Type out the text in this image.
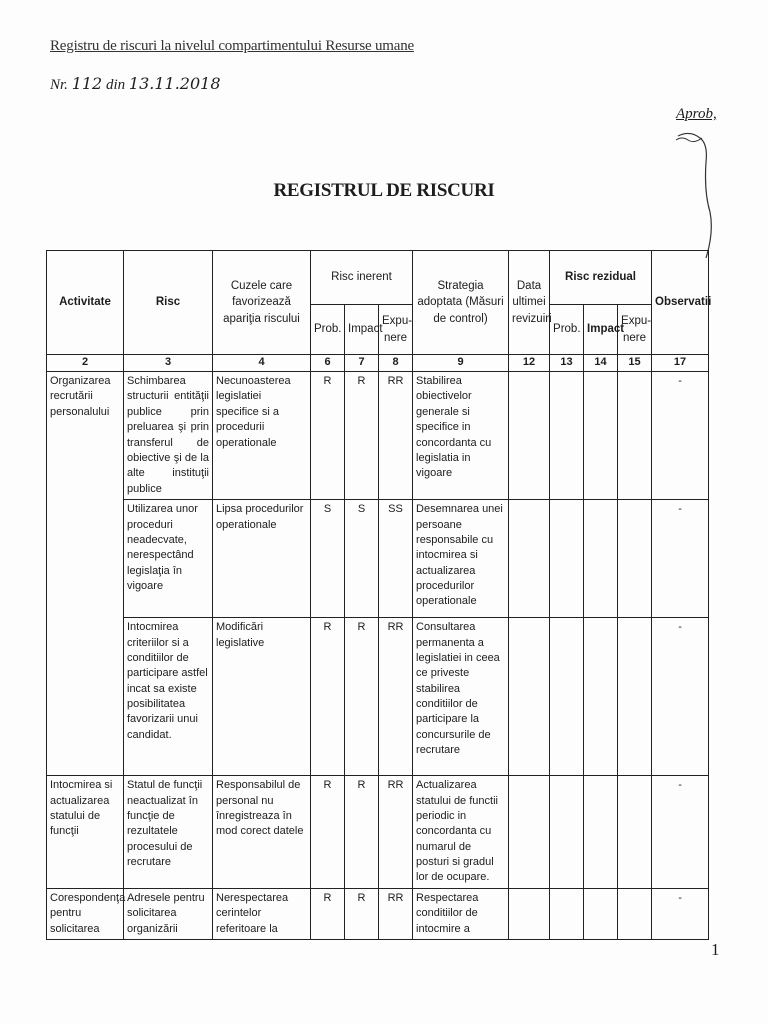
Registru de riscuri la nivelul compartimentului Resurse umane
Nr. 112 din 13.11.2018
Aprob,
REGISTRUL DE RISCURI
Activitate	Risc	Cuzele care favorizează apariţia riscului	Risc inerent			Strategia adoptata (Măsuri de control)	Data ultimei revizuiri	Risc rezidual			Observatii
			Prob.	Impact	Expu-nere			Prob.	Impact	Expu-nere	
2	3	4	6	7	8	9	12	13	14	15	17
Organizarea recrutării personalului	Schimbarea structurii entităţii publice prin preluarea şi prin transferul de obiective şi de la alte instituţii publice	Necunoasterea legislatiei specifice si a procedurii operationale	R	R	RR	Stabilirea obiectivelor generale si specifice in concordanta cu legislatia in vigoare					-
	Utilizarea unor proceduri neadecvate, nerespectând legislaţia în vigoare	Lipsa procedurilor operationale	S	S	SS	Desemnarea unei persoane responsabile cu intocmirea si actualizarea procedurilor operationale					-
	Intocmirea criteriilor si a conditiilor de participare astfel incat sa existe posibilitatea favorizarii unui candidat.	Modificări legislative	R	R	RR	Consultarea permanenta a legislatiei in ceea ce priveste stabilirea conditiilor de participare la concursurile de recrutare					-
Intocmirea si actualizarea statului de funcţii	Statul de funcţii neactualizat în funcţie de rezultatele procesului de recrutare	Responsabilul de personal nu înregistreaza în mod corect datele	R	R	RR	Actualizarea statului de functii periodic in concordanta cu numarul de posturi si gradul lor de ocupare.					-
Corespondenţa pentru solicitarea	Adresele pentru solicitarea organizării	Nerespectarea cerintelor referitoare la	R	R	RR	Respectarea conditiilor de intocmire a					-
1
